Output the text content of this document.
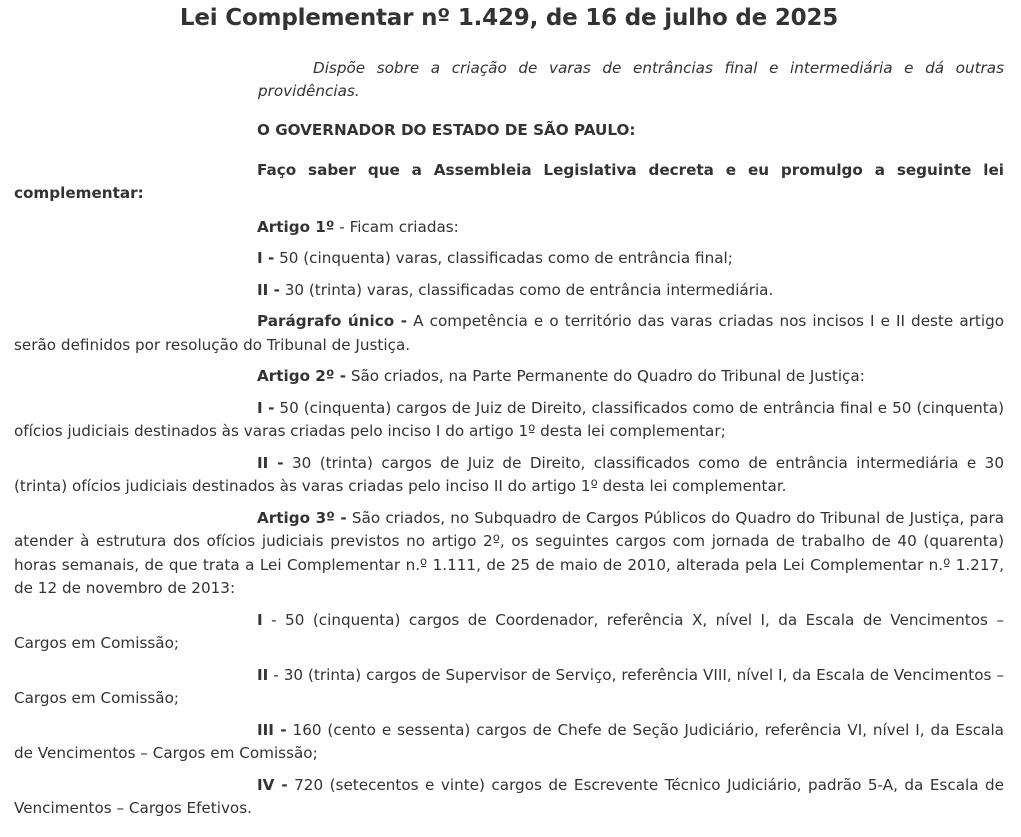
Lei Complementar nº 1.429, de 16 de julho de 2025

Dispõe sobre a criação de varas de entrâncias final e intermediária e dá outras providências.

O GOVERNADOR DO ESTADO DE SÃO PAULO:

Faço saber que a Assembleia Legislativa decreta e eu promulgo a seguinte lei complementar:

Artigo 1º - Ficam criadas:

I - 50 (cinquenta) varas, classificadas como de entrância final;

II - 30 (trinta) varas, classificadas como de entrância intermediária.

Parágrafo único - A competência e o território das varas criadas nos incisos I e II deste artigo serão definidos por resolução do Tribunal de Justiça.

Artigo 2º - São criados, na Parte Permanente do Quadro do Tribunal de Justiça:

I - 50 (cinquenta) cargos de Juiz de Direito, classificados como de entrância final e 50 (cinquenta) ofícios judiciais destinados às varas criadas pelo inciso I do artigo 1º desta lei complementar;

II - 30 (trinta) cargos de Juiz de Direito, classificados como de entrância intermediária e 30 (trinta) ofícios judiciais destinados às varas criadas pelo inciso II do artigo 1º desta lei complementar.

Artigo 3º - São criados, no Subquadro de Cargos Públicos do Quadro do Tribunal de Justiça, para atender à estrutura dos ofícios judiciais previstos no artigo 2º, os seguintes cargos com jornada de trabalho de 40 (quarenta) horas semanais, de que trata a Lei Complementar n.º 1.111, de 25 de maio de 2010, alterada pela Lei Complementar n.º 1.217, de 12 de novembro de 2013:

I - 50 (cinquenta) cargos de Coordenador, referência X, nível I, da Escala de Vencimentos – Cargos em Comissão;

II - 30 (trinta) cargos de Supervisor de Serviço, referência VIII, nível I, da Escala de Vencimentos – Cargos em Comissão;

III - 160 (cento e sessenta) cargos de Chefe de Seção Judiciário, referência VI, nível I, da Escala de Vencimentos – Cargos em Comissão;

IV - 720 (setecentos e vinte) cargos de Escrevente Técnico Judiciário, padrão 5-A, da Escala de Vencimentos – Cargos Efetivos.
